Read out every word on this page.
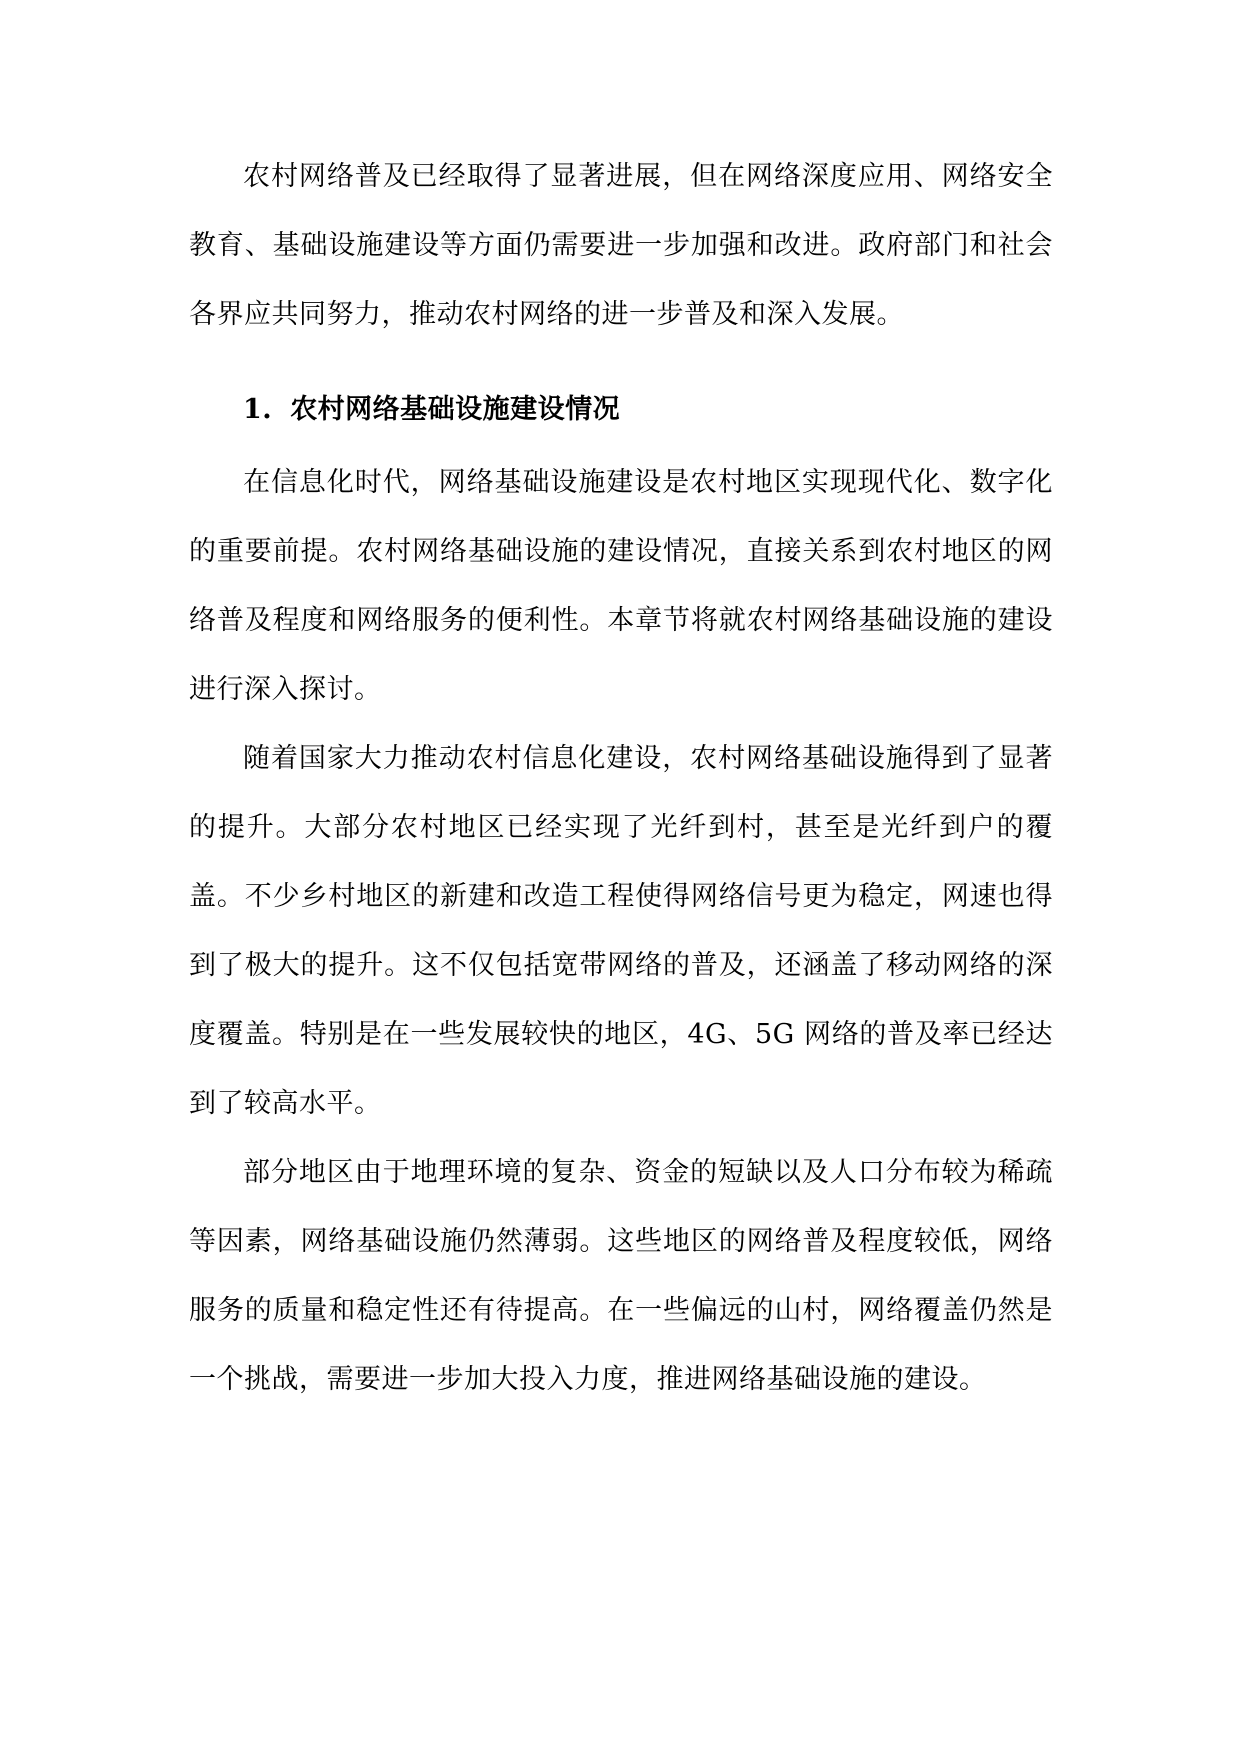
农村网络普及已经取得了显著进展，但在网络深度应用、网络安全教育、基础设施建设等方面仍需要进一步加强和改进。政府部门和社会各界应共同努力，推动农村网络的进一步普及和深入发展。

1. 农村网络基础设施建设情况

在信息化时代，网络基础设施建设是农村地区实现现代化、数字化的重要前提。农村网络基础设施的建设情况，直接关系到农村地区的网络普及程度和网络服务的便利性。本章节将就农村网络基础设施的建设进行深入探讨。

随着国家大力推动农村信息化建设，农村网络基础设施得到了显著的提升。大部分农村地区已经实现了光纤到村，甚至是光纤到户的覆盖。不少乡村地区的新建和改造工程使得网络信号更为稳定，网速也得到了极大的提升。这不仅包括宽带网络的普及，还涵盖了移动网络的深度覆盖。特别是在一些发展较快的地区，4G、5G 网络的普及率已经达到了较高水平。

部分地区由于地理环境的复杂、资金的短缺以及人口分布较为稀疏等因素，网络基础设施仍然薄弱。这些地区的网络普及程度较低，网络服务的质量和稳定性还有待提高。在一些偏远的山村，网络覆盖仍然是一个挑战，需要进一步加大投入力度，推进网络基础设施的建设。
